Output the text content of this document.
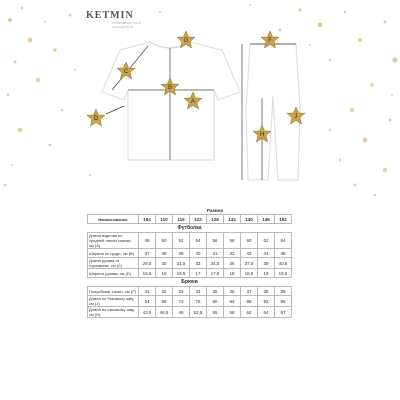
KETMIN
TOMORROW KIDS
COLLECTION
G
C
B
A
D
F
H
J
	Размер								
Наименование	104	110	116	122	128	134	140	146	152
Футболка									
Длина изделия по средней линии спинки, см (А)	48	50	52	54	56	58	60	62	64
Ширина по груди, см (В)	37	38	39	40	41	42	43	44	45
Длина рукава от горловины, см (С)	28,5	30	31,5	33	34,5	36	37,5	39	40,5
Ширина рукава, см (D)	15,5	16	16,5	17	17,5	18	18,5	19	19,5
Брюки									
Полуобхват талии, см (F)	31	32	33	34	35	36	37	38	39
Длина по боковому шву, см (J)	64	68	72	76	80	84	88	92	96
Длина по шаговому шву, см (H)	43,5	46,5	49	52,5	55	58	62	64	67
